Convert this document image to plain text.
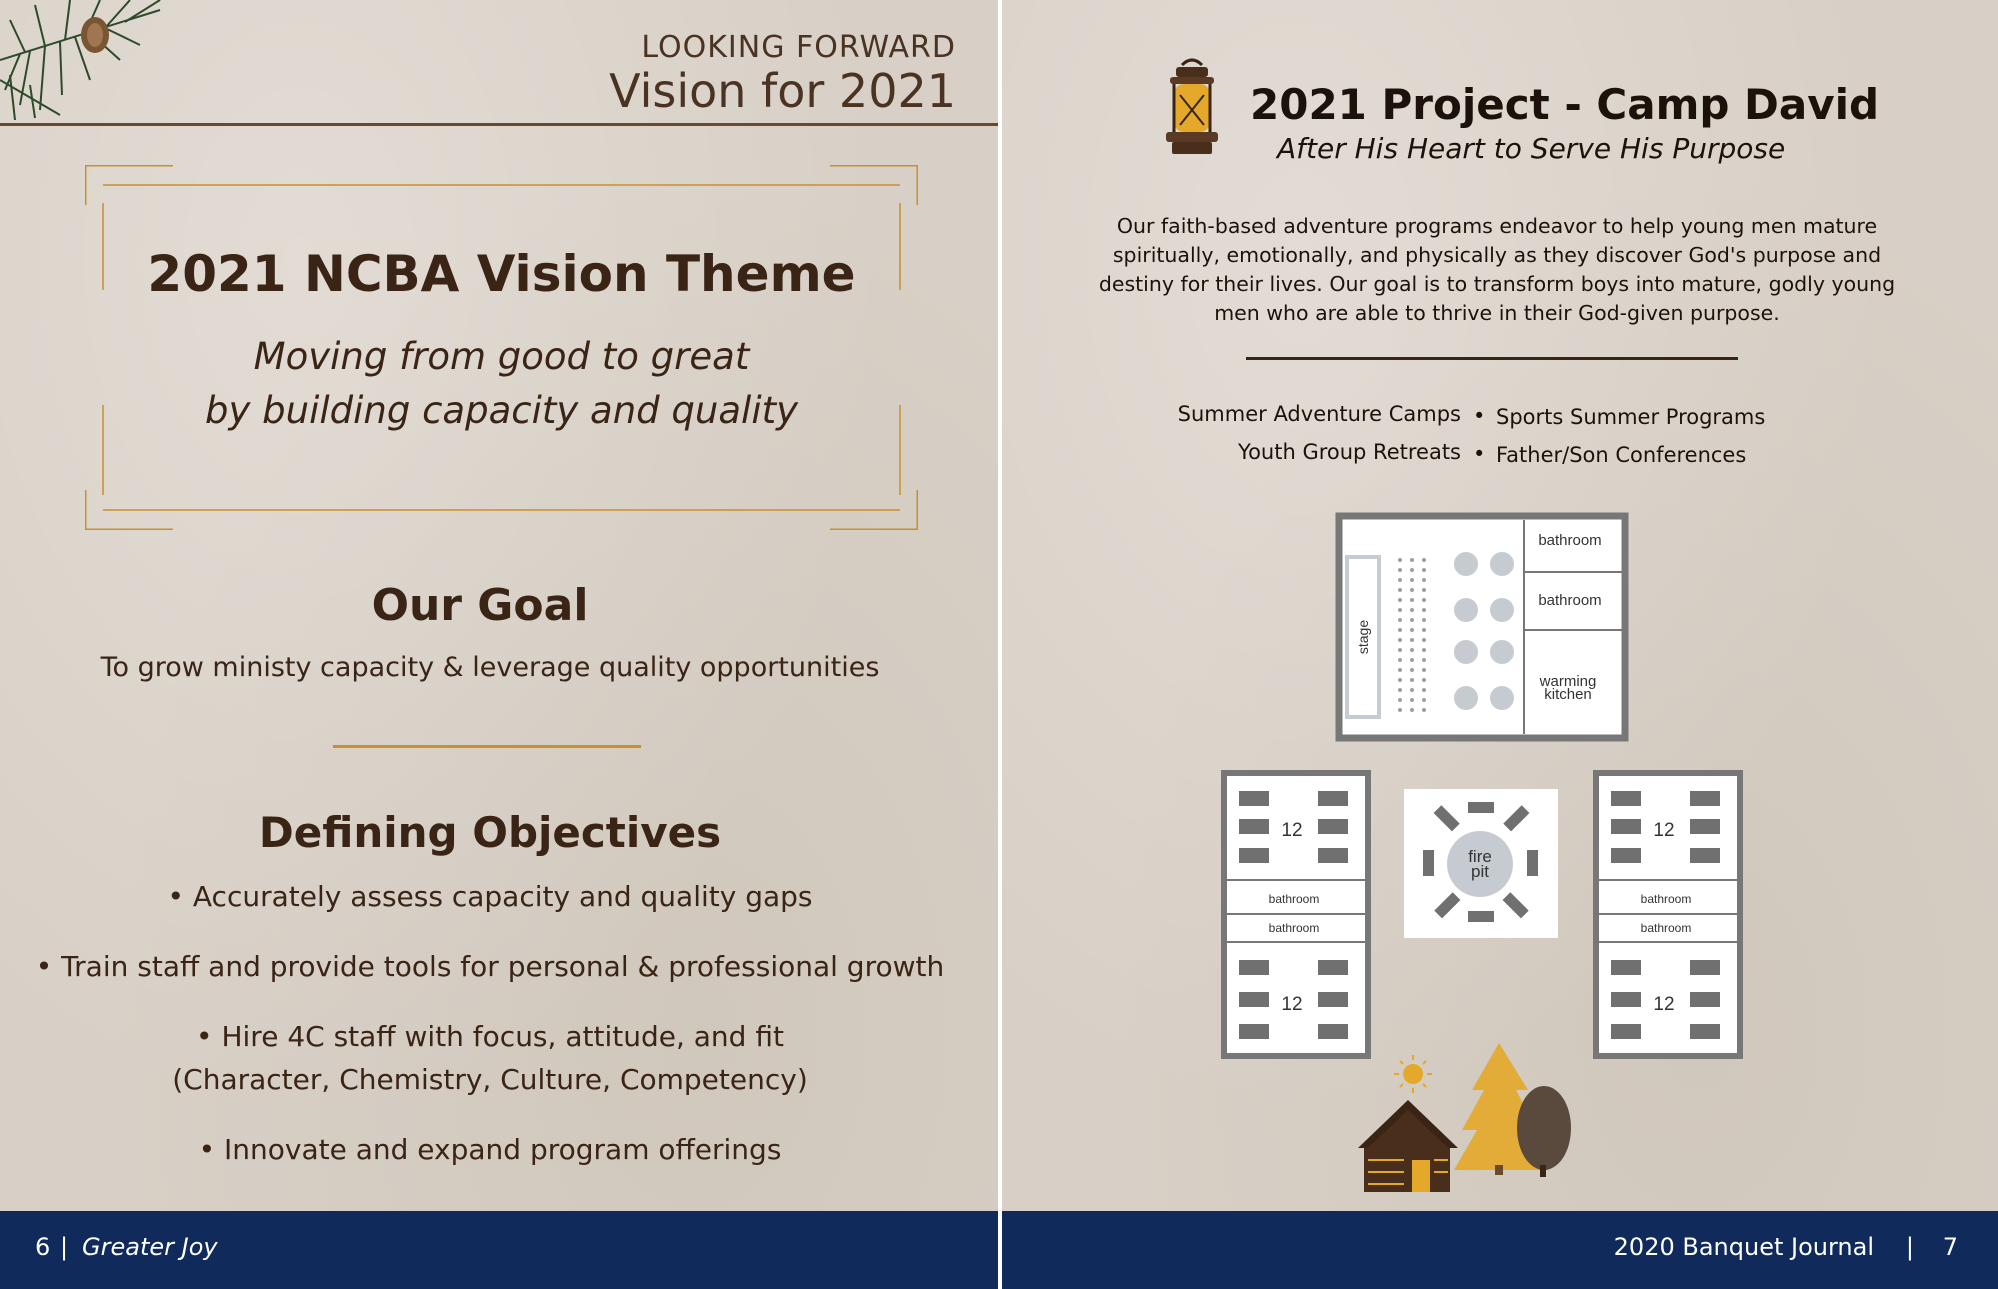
LOOKING FORWARD
Vision for 2021
2021 NCBA Vision Theme
Moving from good to great
by building capacity and quality
Our Goal
To grow ministy capacity & leverage quality opportunities
Defining Objectives
• Accurately assess capacity and quality gaps
• Train staff and provide tools for personal & professional growth
• Hire 4C staff with focus, attitude, and fit
(Character, Chemistry, Culture, Competency)
• Innovate and expand program offerings
6 | Greater Joy
2021 Project - Camp David
After His Heart to Serve His Purpose
Our faith-based adventure programs endeavor to help young men mature
spiritually, emotionally, and physically as they discover God's purpose and
destiny for their lives. Our goal is to transform boys into mature, godly young
men who are able to thrive in their God-given purpose.
Summer Adventure Camps • Sports Summer Programs
Youth Group Retreats • Father/Son Conferences
stage
bathroom
bathroom
warming
kitchen
12
12
bathroom
bathroom
fire
pit
12
12
bathroom
bathroom
2020 Banquet Journal | 7
